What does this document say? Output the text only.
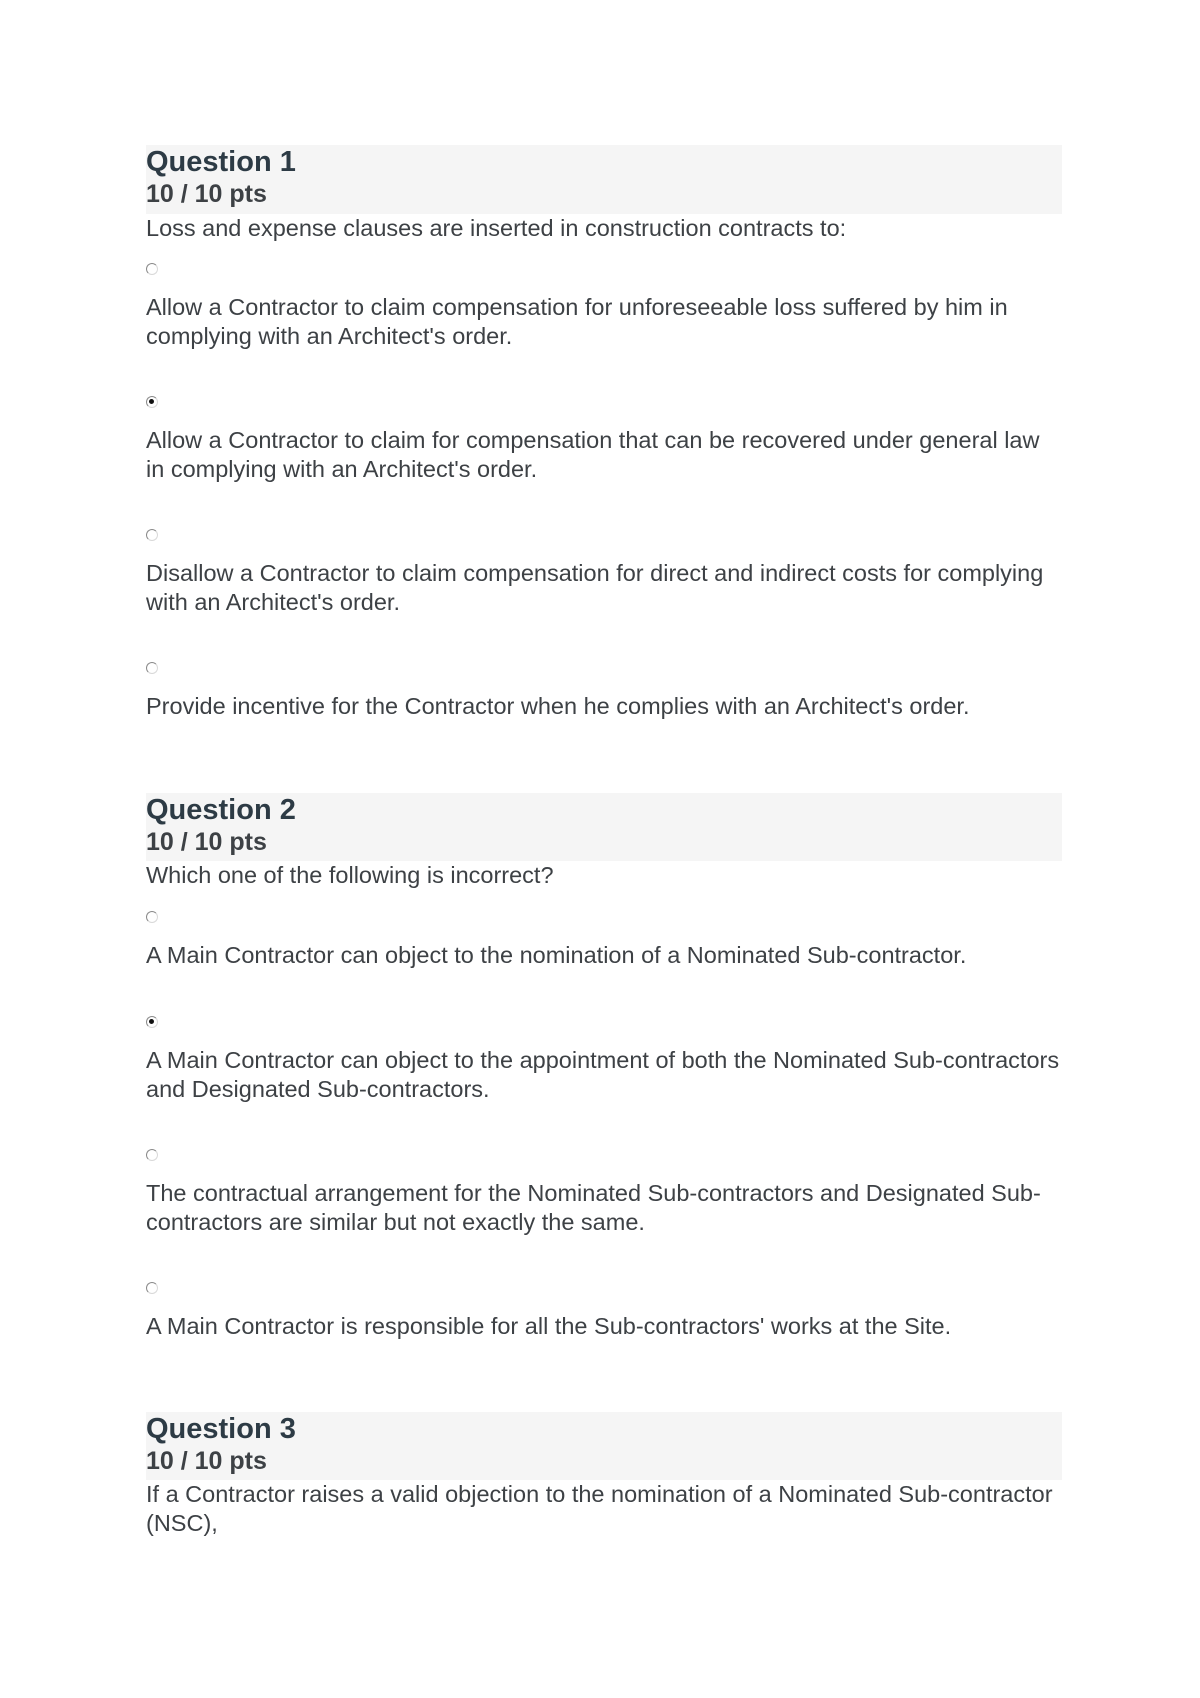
Question 1
10 / 10 pts
Loss and expense clauses are inserted in construction contracts to:
Allow a Contractor to claim compensation for unforeseeable loss suffered by him in complying with an Architect's order.
Allow a Contractor to claim for compensation that can be recovered under general law in complying with an Architect's order.
Disallow a Contractor to claim compensation for direct and indirect costs for complying with an Architect's order.
Provide incentive for the Contractor when he complies with an Architect's order.
Question 2
10 / 10 pts
Which one of the following is incorrect?
A Main Contractor can object to the nomination of a Nominated Sub-contractor.
A Main Contractor can object to the appointment of both the Nominated Sub-contractors and Designated Sub-contractors.
The contractual arrangement for the Nominated Sub-contractors and Designated Sub-contractors are similar but not exactly the same.
A Main Contractor is responsible for all the Sub-contractors' works at the Site.
Question 3
10 / 10 pts
If a Contractor raises a valid objection to the nomination of a Nominated Sub-contractor (NSC),
